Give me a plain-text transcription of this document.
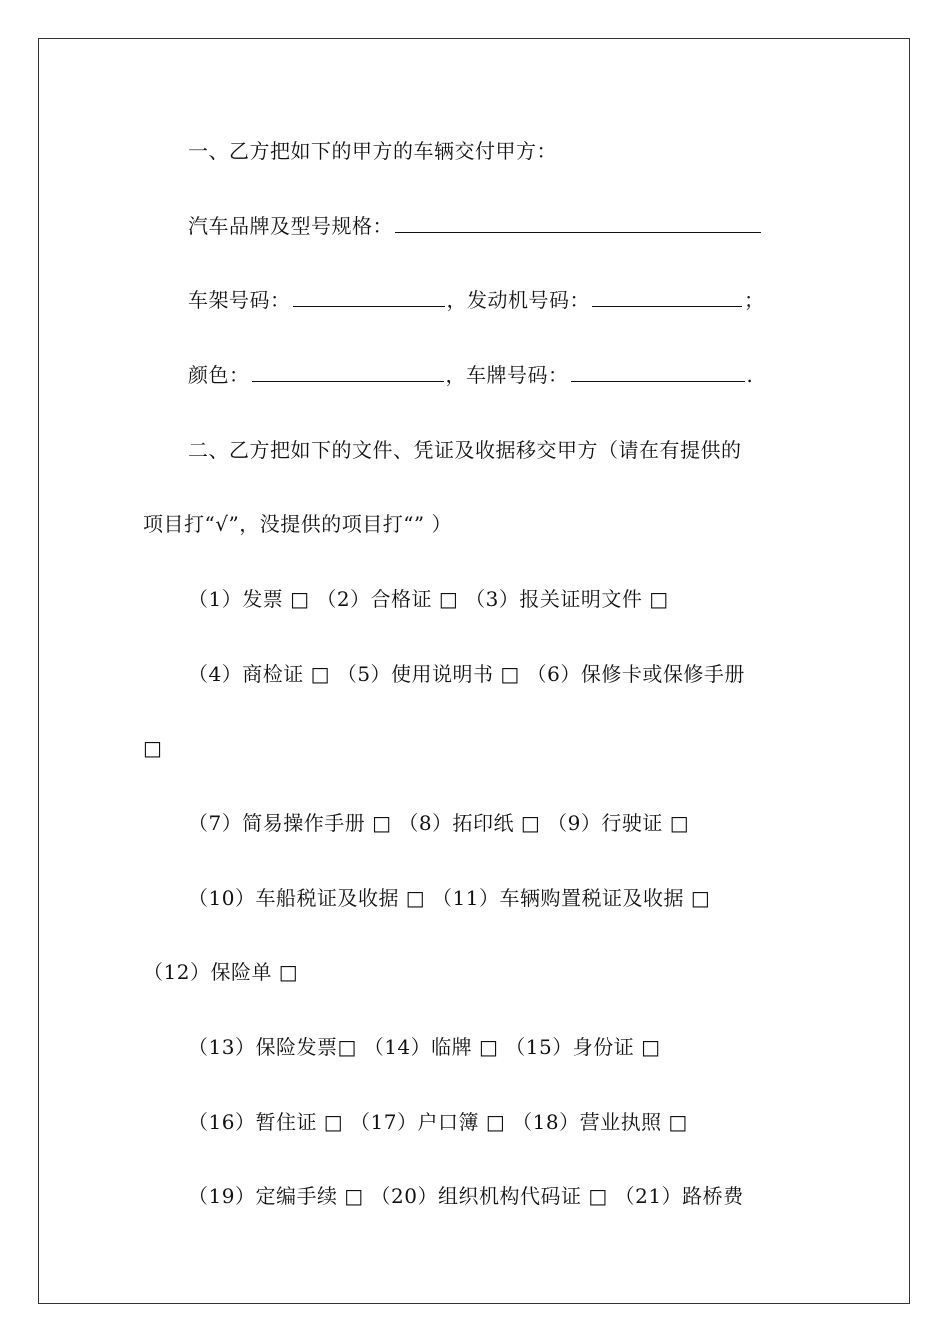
一、乙方把如下的甲方的车辆交付甲方：
汽车品牌及型号规格：
车架号码：	，发动机号码：	；
颜色：	，车牌号码：	.
二、乙方把如下的文件、凭证及收据移交甲方（请在有提供的
项目打“√”，没提供的项目打“” ）
（1）发票 □ （2）合格证 □ （3）报关证明文件 □
（4）商检证 □ （5）使用说明书 □ （6）保修卡或保修手册
□
（7）简易操作手册 □ （8）拓印纸 □ （9）行驶证 □
（10）车船税证及收据 □ （11）车辆购置税证及收据 □
（12）保险单 □
（13）保险发票□ （14）临牌 □ （15）身份证 □
（16）暂住证 □ （17）户口簿 □ （18）营业执照 □
（19）定编手续 □ （20）组织机构代码证 □ （21）路桥费
